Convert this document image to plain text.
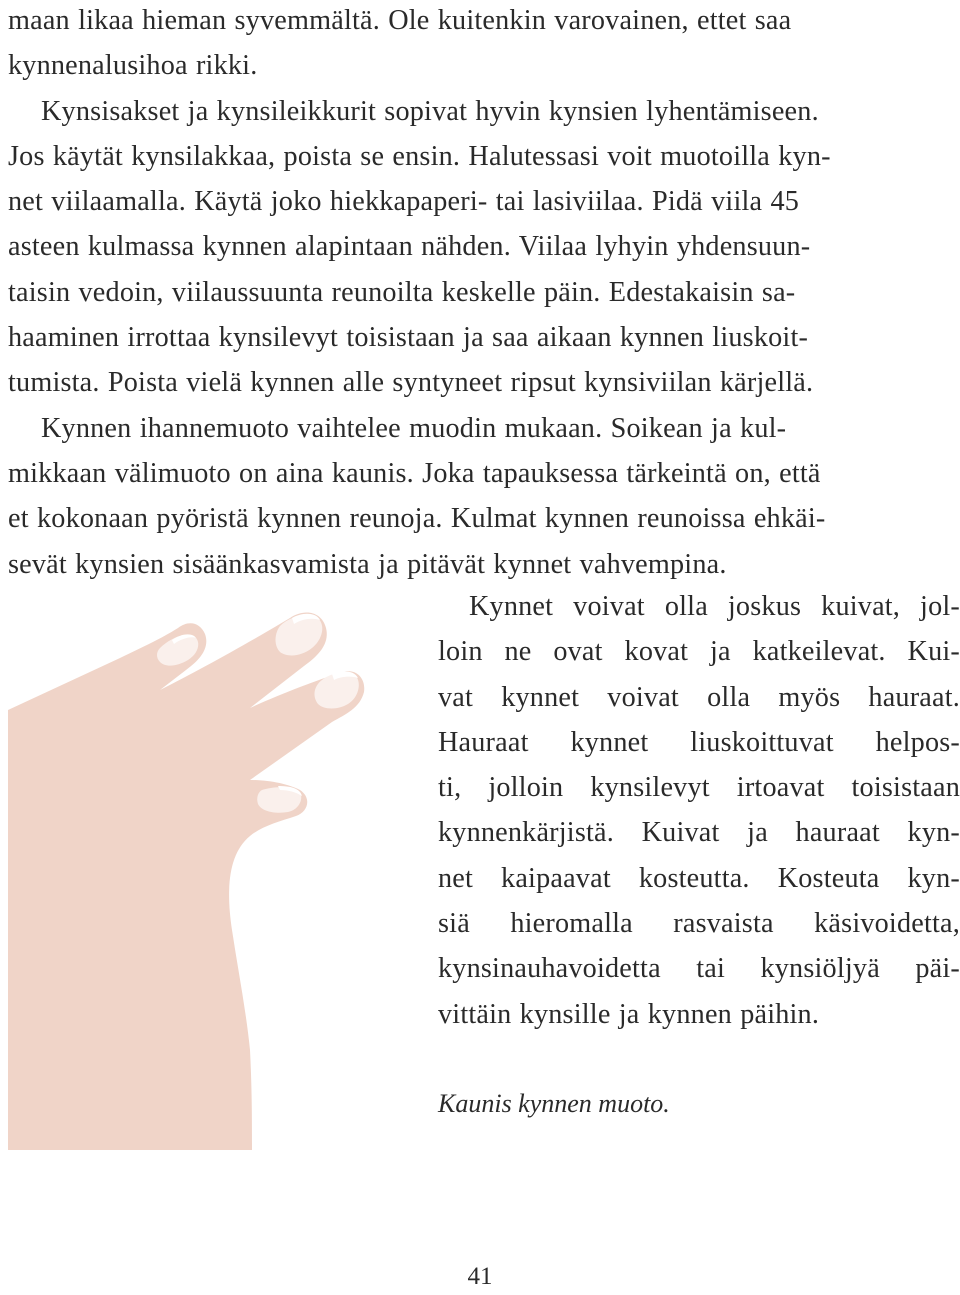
maan likaa hieman syvemmältä. Ole kuitenkin varovainen, ettet saa
kynnenalusihoa rikki.
Kynsisakset ja kynsileikkurit sopivat hyvin kynsien lyhentämiseen.
Jos käytät kynsilakkaa, poista se ensin. Halutessasi voit muotoilla kyn-
net viilaamalla. Käytä joko hiekkapaperi- tai lasiviilaa. Pidä viila 45
asteen kulmassa kynnen alapintaan nähden. Viilaa lyhyin yhdensuun-
taisin vedoin, viilaussuunta reunoilta keskelle päin. Edestakaisin sa-
haaminen irrottaa kynsilevyt toisistaan ja saa aikaan kynnen liuskoit-
tumista. Poista vielä kynnen alle syntyneet ripsut kynsiviilan kärjellä.
Kynnen ihannemuoto vaihtelee muodin mukaan. Soikean ja kul-
mikkaan välimuoto on aina kaunis. Joka tapauksessa tärkeintä on, että
et kokonaan pyöristä kynnen reunoja. Kulmat kynnen reunoissa ehkäi-
sevät kynsien sisäänkasvamista ja pitävät kynnet vahvempina.
Kynnet voivat olla joskus kuivat, jol-
loin ne ovat kovat ja katkeilevat. Kui-
vat kynnet voivat olla myös hauraat.
Hauraat kynnet liuskoittuvat helpos-
ti, jolloin kynsilevyt irtoavat toisistaan
kynnenkärjistä. Kuivat ja hauraat kyn-
net kaipaavat kosteutta. Kosteuta kyn-
siä hieromalla rasvaista käsivoidetta,
kynsinauhavoidetta tai kynsiöljyä päi-
vittäin kynsille ja kynnen päihin.

Kaunis kynnen muoto.

41
